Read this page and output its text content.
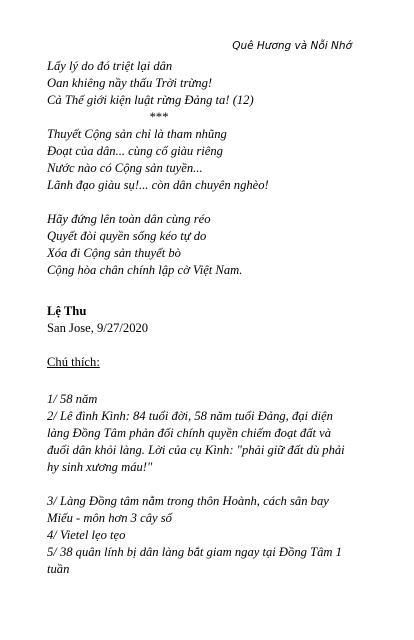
Quê Hương và Nỗi Nhớ
Lấy lý do đó triệt lại dân
Oan khiêng nầy thấu Trời trừng!
Cả Thế giới kiện luật rừng Đảng ta! (12)
***
Thuyết Cộng sản chỉ là tham nhũng
Đoạt của dân... cùng cố giàu riêng
Nước nào có Cộng sản tuyền...
Lãnh đạo giàu sụ!... còn dân chuyên nghèo!
Hãy đứng lên toàn dân cùng réo
Quyết đòi quyền sống kéo tự do
Xóa đi Cộng sản thuyết bò
Cộng hòa chân chính lập cờ Việt Nam.
Lệ Thu
San Jose, 9/27/2020
Chú thích:
1/ 58 năm
2/ Lê đình Kình: 84 tuổi đời, 58 năm tuổi Đảng, đại diện
làng Đồng Tâm phản đối chính quyền chiếm đoạt đất và
đuổi dân khỏi làng. Lời của cụ Kình: "phải giữ đất dù phải
hy sinh xương máu!"
3/ Làng Đồng tâm nằm trong thôn Hoành, cách sân bay
Miếu - môn hơn 3 cây số
4/ Vietel lẹo tẹo
5/ 38 quân lính bị dân làng bắt giam ngay tại Đồng Tâm 1
tuần
